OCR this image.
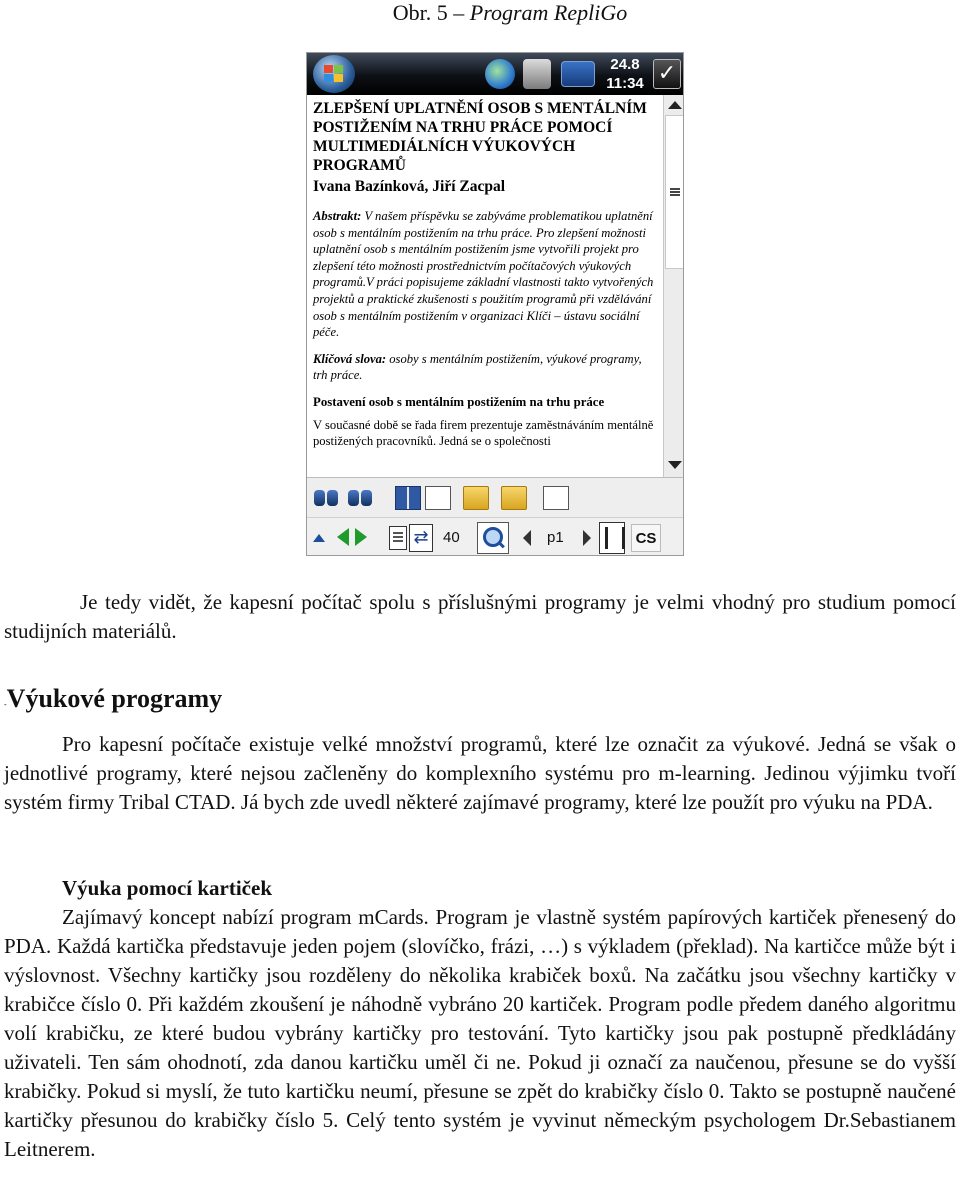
Obr. 5 – Program RepliGo
24.8
11:34 ✓
ZLEPŠENÍ UPLATNĚNÍ OSOB S MENTÁLNÍM POSTIŽENÍM NA TRHU PRÁCE POMOCÍ MULTIMEDIÁLNÍCH VÝUKOVÝCH PROGRAMŮ
Ivana Bazínková, Jiří Zacpal
Abstrakt: V našem příspěvku se zabýváme problematikou uplatnění osob s mentálním postižením na trhu práce. Pro zlepšení možnosti uplatnění osob s mentálním postižením jsme vytvořili projekt pro zlepšení této možnosti prostřednictvím počítačových výukových programů.V práci popisujeme základní vlastnosti takto vytvořených projektů a praktické zkušenosti s použitím programů při vzdělávání osob s mentálním postižením v organizaci Klíči – ústavu sociální péče.
Klíčová slova: osoby s mentálním postižením, výukové programy, trh práce.
Postavení osob s mentálním postižením na trhu práce
V současné době se řada firem prezentuje zaměstnáváním mentálně postižených pracovníků. Jedná se o společnosti
⇄ 40	p1	CS
Je tedy vidět, že kapesní počítač spolu s příslušnými programy je velmi vhodný pro studium pomocí studijních materiálů.
-Výukové programy
Pro kapesní počítače existuje velké množství programů, které lze označit za výukové. Jedná se však o jednotlivé programy, které nejsou začleněny do komplexního systému pro m-learning. Jedinou výjimku tvoří systém firmy Tribal CTAD. Já bych zde uvedl některé zajímavé programy, které lze použít pro výuku na PDA.
Výuka pomocí kartiček
Zajímavý koncept nabízí program mCards. Program je vlastně systém papírových kartiček přenesený do PDA. Každá kartička představuje jeden pojem (slovíčko, frázi, …) s výkladem (překlad). Na kartičce může být i výslovnost. Všechny kartičky jsou rozděleny do několika krabiček boxů. Na začátku jsou všechny kartičky v krabičce číslo 0. Při každém zkoušení je náhodně vybráno 20 kartiček. Program podle předem daného algoritmu volí krabičku, ze které budou vybrány kartičky pro testování. Tyto kartičky jsou pak postupně předkládány uživateli. Ten sám ohodnotí, zda danou kartičku uměl či ne. Pokud ji označí za naučenou, přesune se do vyšší krabičky. Pokud si myslí, že tuto kartičku neumí, přesune se zpět do krabičky číslo 0. Takto se postupně naučené kartičky přesunou do krabičky číslo 5. Celý tento systém je vyvinut německým psychologem Dr.Sebastianem Leitnerem.
